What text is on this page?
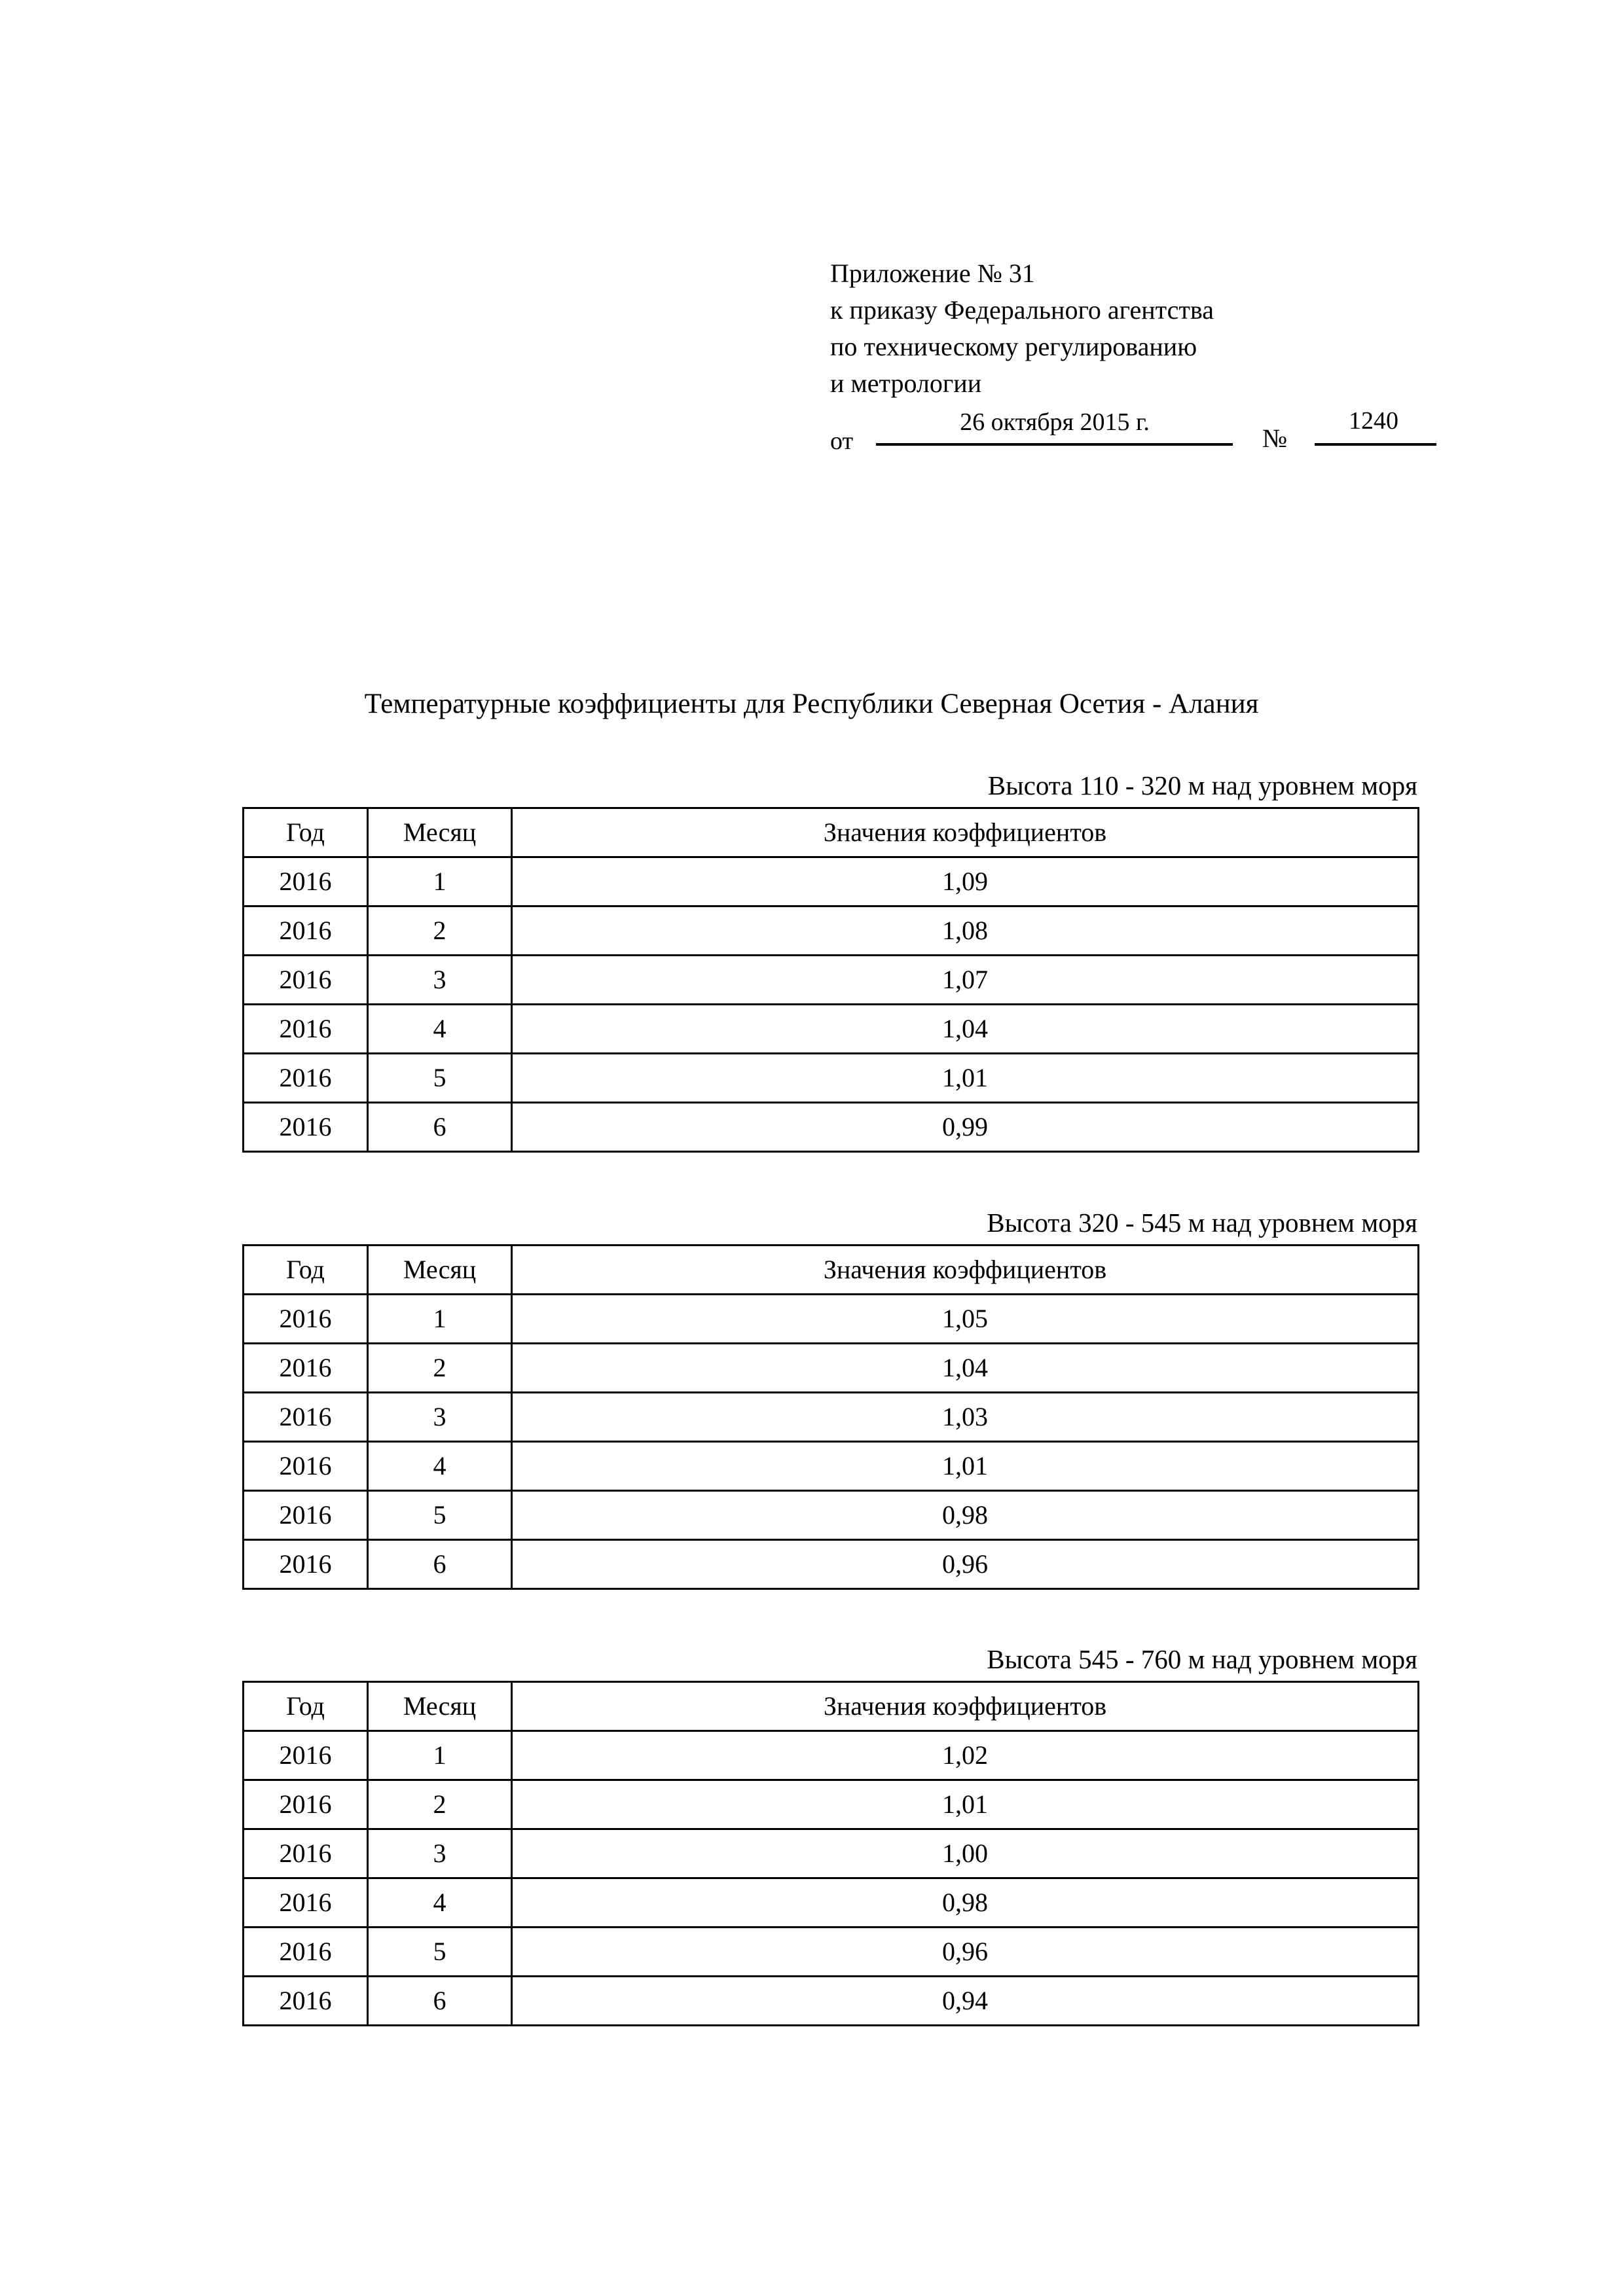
Приложение № 31
к приказу Федерального агентства
по техническому регулированию
и метрологии
от
26 октября 2015 г.
№
1240
Температурные коэффициенты для Республики Северная Осетия - Алания
Высота 110 - 320 м над уровнем моря
Год	Месяц	Значения коэффициентов
2016	1	1,09
2016	2	1,08
2016	3	1,07
2016	4	1,04
2016	5	1,01
2016	6	0,99
Высота 320 - 545 м над уровнем моря
Год	Месяц	Значения коэффициентов
2016	1	1,05
2016	2	1,04
2016	3	1,03
2016	4	1,01
2016	5	0,98
2016	6	0,96
Высота 545 - 760 м над уровнем моря
Год	Месяц	Значения коэффициентов
2016	1	1,02
2016	2	1,01
2016	3	1,00
2016	4	0,98
2016	5	0,96
2016	6	0,94
